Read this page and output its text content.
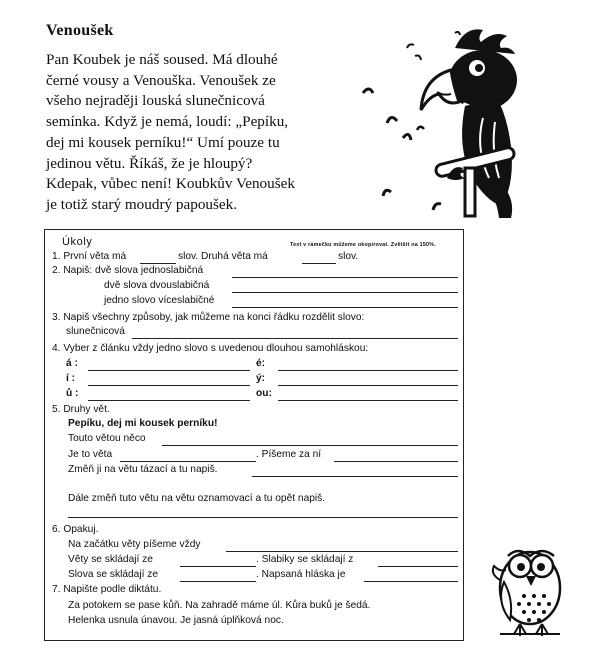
Venoušek
Pan Koubek je náš soused. Má dlouhé
černé vousy a Venouška. Venoušek ze
všeho nejraději louská slunečnicová
semínka. Když je nemá, loudí: „Pepíku,
dej mi kousek perníku!“ Umí pouze tu
jedinou větu. Říkáš, že je hloupý?
Kdepak, vůbec není! Koubkův Venoušek
je totiž starý moudrý papoušek.
Úkoly	Text v rámečku můžeme okopírovat. Zvětšit na 150%.
1. První věta má	slov. Druhá věta má	slov.
2. Napiš: dvě slova jednoslabičná
dvě slova dvouslabičná
jedno slovo víceslabičné
3. Napiš všechny způsoby, jak můžeme na konci řádku rozdělit slovo:
slunečnicová
4. Vyber z článku vždy jedno slovo s uvedenou dlouhou samohláskou:
á :	é:
í :	ý:
ů :	ou:
5. Druhy vět.
Pepíku, dej mi kousek perníku!
Touto větou něco
Je to věta	. Píšeme za ní
Změň ji na větu tázací a tu napiš.
Dále změň tuto větu na větu oznamovací a tu opět napiš.
6. Opakuj.
Na začátku věty píšeme vždy
Věty se skládají ze	. Slabiky se skládají z
Slova se skládají ze	. Napsaná hláska je
7. Napište podle diktátu.
Za potokem se pase kůň. Na zahradě máme úl. Kůra buků je šedá.
Helenka usnula únavou. Je jasná úplňková noc.
